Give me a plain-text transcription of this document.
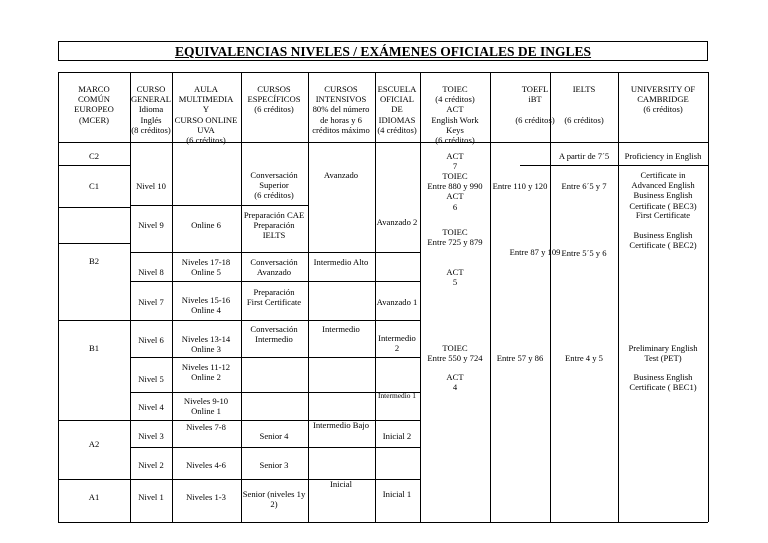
EQUIVALENCIAS NIVELES / EXÁMENES OFICIALES DE INGLES
MARCO
COMÚN
EUROPEO
(MCER)
CURSO
GENERAL
Idioma
Inglés
(8 créditos)
AULA
MULTIMEDIA
Y
CURSO ONLINE
UVA
(6 créditos)
CURSOS
ESPECÍFICOS
(6 créditos)
CURSOS
INTENSIVOS
80% del número
de horas y 6
créditos máximo
ESCUELA
OFICIAL
DE
IDIOMAS
(4 créditos)
TOIEC
(4 créditos)
ACT
English Work
Keys
(6 créditos)
TOEFL
iBT

(6 créditos)
IELTS

(6 créditos)
UNIVERSITY OF
CAMBRIDGE
(6 créditos)
C2
C1
B2
B1
A2
A1
Nivel 10
Nivel 9
Nivel 8
Nivel 7
Nivel 6
Nivel 5
Nivel 4
Nivel 3
Nivel 2
Nivel 1
Online 6
Niveles 17-18
Online 5
Niveles 15-16
Online 4
Niveles 13-14
Online 3
Niveles 11-12
Online 2
Niveles 9-10
Online 1
Niveles 7-8
Niveles 4-6
Niveles 1-3
Conversación
Superior
(6 créditos)
Preparación CAE
Preparación
IELTS
Conversación
Avanzado
Preparación
First Certificate
Conversación
Intermedio
Senior 4
Senior 3
Senior (niveles 1y
2)
Avanzado
Intermedio Alto
Intermedio
Intermedio Bajo
Inicial
Avanzado 2
Avanzado 1
Intermedio
2
Intermedio 1
Inicial 2
Inicial 1
ACT
7
TOIEC
Entre 880 y 990
ACT
6
TOIEC
Entre 725 y 879
ACT
5
TOIEC
Entre 550 y 724
ACT
4
Entre 110 y 120
Entre 87 y 109
Entre 57 y 86
A partir de 7´5
Entre 6´5 y 7
Entre 5´5 y 6
Entre 4 y 5
Proficiency in English
Certificate in
Advanced English
Business English
Certificate ( BEC3)
First Certificate
Business English
Certificate ( BEC2)
Preliminary English
Test (PET)
Business English
Certificate ( BEC1)
